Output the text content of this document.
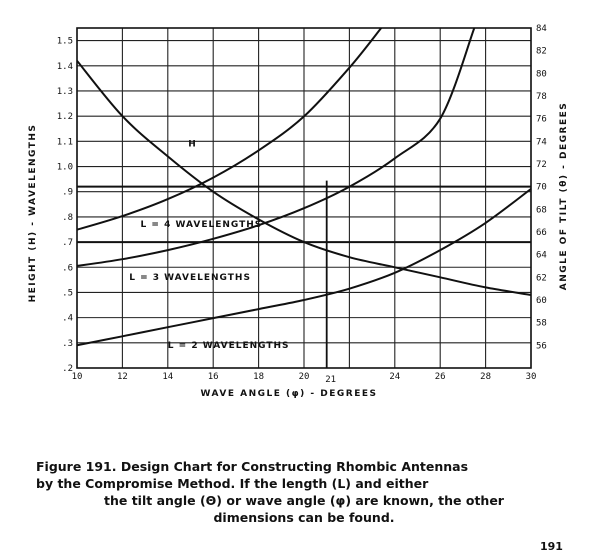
10	12	14	16	18	20	24	26	28	30
21
.2
.3
.4
.5
.6
.7
.8
.9
1.0
1.1
1.2
1.3
1.4
1.5
56
58
60
62
64
66
68
70
72
74
76
78
80
82
84
H
L = 4 WAVELENGTHS
L = 3 WAVELENGTHS
L = 2 WAVELENGTHS
HEIGHT (H) - WAVELENGTHS	ANGLE OF TILT (θ) - DEGREES
WAVE ANGLE (φ) - DEGREES
Figure 191. Design Chart for Constructing Rhombic Antennas
by the Compromise Method. If the length (L) and either
the tilt angle (Θ) or wave angle (φ) are known, the other
dimensions can be found.
191
